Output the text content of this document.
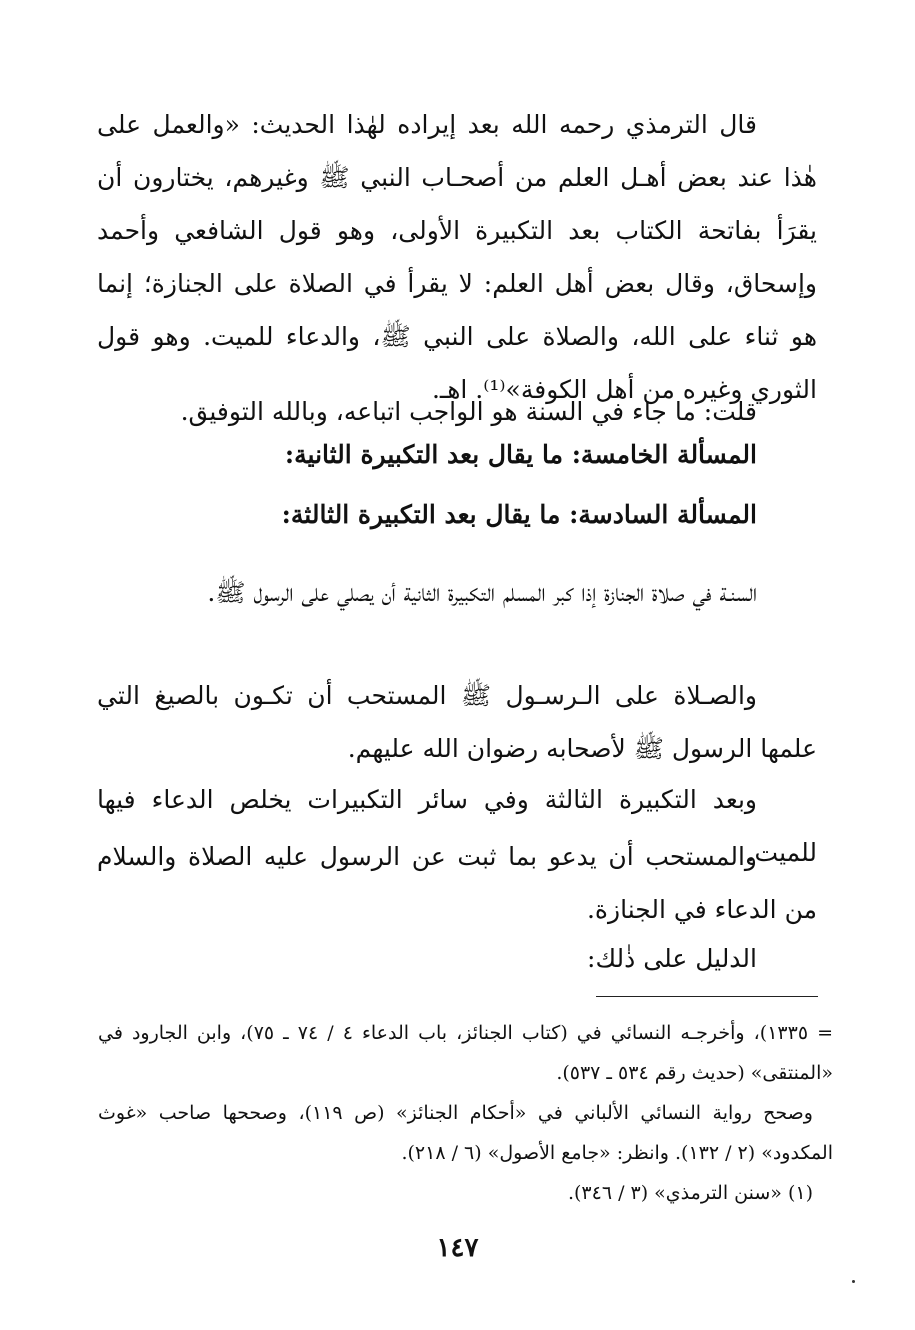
قال الترمذي رحمه الله بعد إيراده لهٰذا الحديث: «والعمل على هٰذا عند بعض أهـل العلم من أصحـاب النبي ﷺ وغيرهم، يختارون أن يقرَأ بفاتحة الكتاب بعد التكبيرة الأولى، وهو قول الشافعي وأحمد وإسحاق، وقال بعض أهل العلم: لا يقرأ في الصلاة على الجنازة؛ إنما هو ثناء على الله، والصلاة على النبي ﷺ، والدعاء للميت. وهو قول الثوري وغيره من أهل الكوفة»⁽¹⁾. اهـ.

قلت: ما جاء في السنة هو الواجب اتباعه، وبالله التوفيق.

المسألة الخامسة: ما يقال بعد التكبيرة الثانية:

المسألة السادسة: ما يقال بعد التكبيرة الثالثة:

السنـة في صلاة الجنازة إذا كبر المسلم التكبيرة الثانية أن يصلي على الرسول ﷺ.

والصـلاة على الـرسـول ﷺ المستحب أن تكـون بالصيغ التي علمها الرسول ﷺ لأصحابه رضوان الله عليهم.

وبعد التكبيرة الثالثة وفي سائر التكبيرات يخلص الدعاء فيها للميت.

والمستحب أن يدعو بما ثبت عن الرسول عليه الصلاة والسلام من الدعاء في الجنازة.

الدليل على ذٰلك:

= ١٣٣٥)، وأخرجـه النسائي في (كتاب الجنائز، باب الدعاء ٤ / ٧٤ ـ ٧٥)، وابن الجارود في «المنتقى» (حديث رقم ٥٣٤ ـ ٥٣٧).

وصحح رواية النسائي الألباني في «أحكام الجنائز» (ص ١١٩)، وصححها صاحب «غوث المكدود» (٢ / ١٣٢). وانظر: «جامع الأصول» (٦ / ٢١٨).

(١) «سنن الترمذي» (٣ / ٣٤٦).

١٤٧
